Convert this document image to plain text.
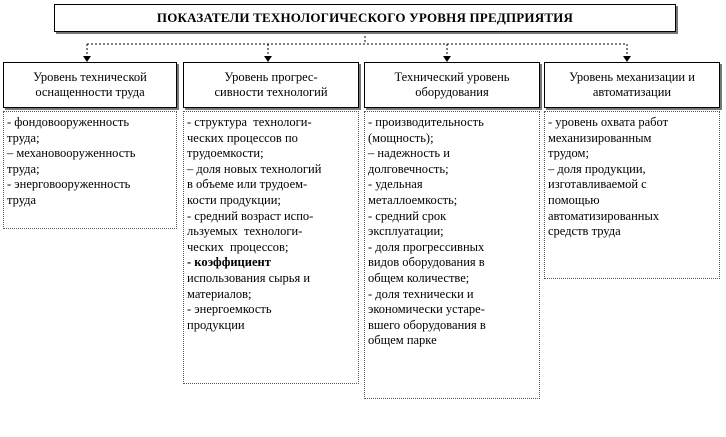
ПОКАЗАТЕЛИ ТЕХНОЛОГИЧЕСКОГО УРОВНЯ ПРЕДПРИЯТИЯ
Уровень технической
оснащенности труда
Уровень прогрес-
сивности технологий
Технический уровень
оборудования
Уровень механизации и
автоматизации
- фондовооруженность
труда;
– механовооруженность
труда;
- энерговооруженность
труда
- структура  технологи-
ческих процессов по
трудоемкости;
– доля новых технологий
в объеме или трудоем-
кости продукции;
- средний возраст испо-
льзуемых  технологи-
ческих  процессов;
- коэффициент
использования сырья и
материалов;
- энергоемкость
продукции
- производительность
(мощность);
– надежность и
долговечность;
- удельная
металлоемкость;
- средний срок
эксплуатации;
- доля прогрессивных
видов оборудования в
общем количестве;
- доля технически и
экономически устаре-
вшего оборудования в
общем парке
- уровень охвата работ
механизированным
трудом;
– доля продукции,
изготавливаемой с
помощью
автоматизированных
средств труда
